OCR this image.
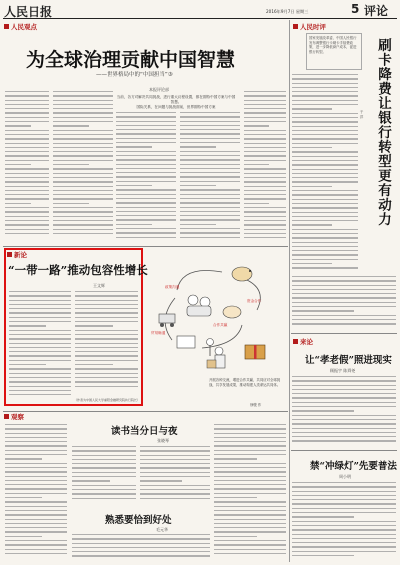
人民日报	2016年9月7日 星期三	5 评论
人民观点
为全球治理贡献中国智慧
——世界格局中的“中国担当”③
本报评论部
当前，各方对解决共同挑战，进行重大议程设置，都在期待中国方案与中国智慧。
国际关系，在问题与挑战面前，世界期待中国方案
新论
“一带一路”推动包容性增长
王文辉
（作者为中国人民大学重阳金融研究院执行院长）
资金合作
政策沟通
合作共赢
贸易畅通
开展各种交流，增进合作共赢，共同应对全球挑战，共享发展成果，推动构建人类命运共同体。
徐骏 作
观察
读书当分日与夜
张晓琴
熟悉要恰到好处
毛元华
人民时评
国家发展改革委、中国人民银行发布调整银行卡刷卡手续费政策，进一步降低商户成本，促进银行转型。	刷卡降费让银行转型更有动力
于 洋
来论
让“孝老假”照进现实
顾振宇 陈舜尧
禁“冲绿灯”先要普法
周小明
